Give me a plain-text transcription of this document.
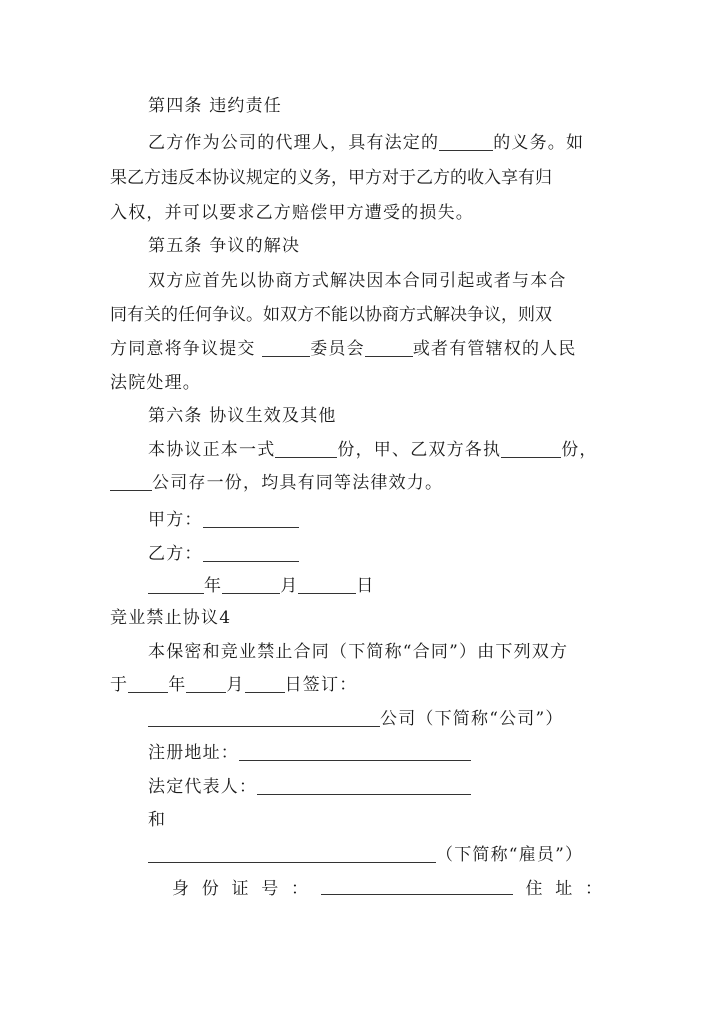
第四条 违约责任
乙方作为公司的代理人，具有法定的	的义务。如
果乙方违反本协议规定的义务，甲方对于乙方的收入享有归
入权，并可以要求乙方赔偿甲方遭受的损失。
第五条 争议的解决
双方应首先以协商方式解决因本合同引起或者与本合
同有关的任何争议。如双方不能以协商方式解决争议，则双
方同意将争议提交	委员会	或者有管辖权的人民
法院处理。
第六条 协议生效及其他
本协议正本一式	份，甲、乙双方各执	份，
公司存一份，均具有同等法律效力。
甲方：
乙方：
年	月	日
竞业禁止协议4
本保密和竞业禁止合同（下简称“合同”）由下列双方
于 年 月 日签订：
公司（下简称“公司”）
注册地址：
法定代表人：
和
（下简称“雇员”）
身 份 证 号 ：	住 址 ：
